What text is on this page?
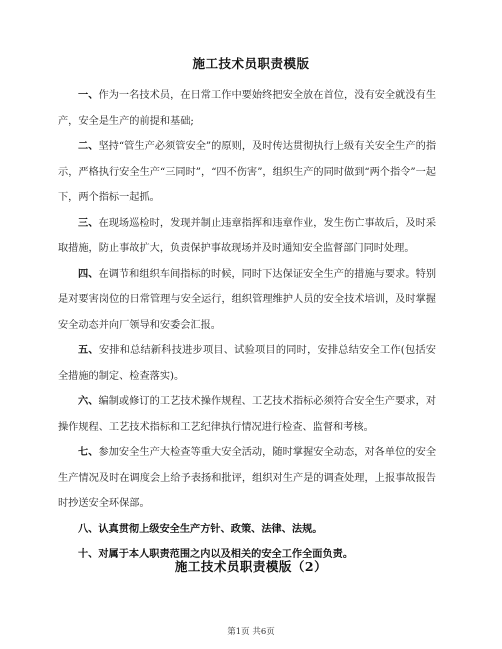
施工技术员职责模版

一、作为一名技术员，在日常工作中要始终把安全放在首位，没有安全就没有生产，安全是生产的前提和基础;

二、坚持“管生产必须管安全”的原则，及时传达贯彻执行上级有关安全生产的指示，严格执行安全生产“三同时”，“四不伤害”，组织生产的同时做到“两个指令”一起下，两个指标一起抓。

三、在现场巡检时，发现并制止违章指挥和违章作业，发生伤亡事故后，及时采取措施，防止事故扩大，负责保护事故现场并及时通知安全监督部门同时处理。

四、在调节和组织车间指标的时候，同时下达保证安全生产的措施与要求。特别是对要害岗位的日常管理与安全运行，组织管理维护人员的安全技术培训，及时掌握安全动态并向厂领导和安委会汇报。

五、安排和总结新科技进步项目、试验项目的同时，安排总结安全工作(包括安全措施的制定、检查落实)。

六、编制或修订的工艺技术操作规程、工艺技术指标必须符合安全生产要求，对操作规程、工艺技术指标和工艺纪律执行情况进行检查、监督和考核。

七、参加安全生产大检查等重大安全活动，随时掌握安全动态，对各单位的安全生产情况及时在调度会上给予表扬和批评，组织对生产是的调查处理，上报事故报告时抄送安全环保部。

八、认真贯彻上级安全生产方针、政策、法律、法规。

十、对属于本人职责范围之内以及相关的安全工作全面负责。

施工技术员职责模版（2）
第1页 共6页
